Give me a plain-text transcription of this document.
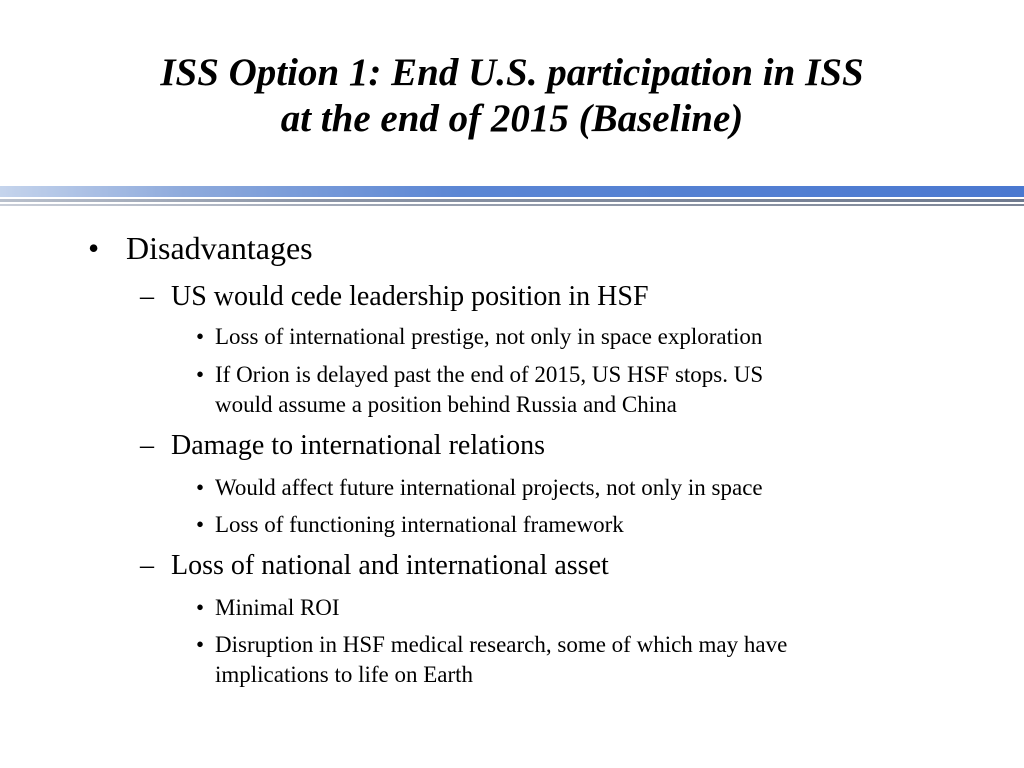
ISS Option 1: End U.S. participation in ISS
at the end of 2015 (Baseline)
• Disadvantages
– US would cede leadership position in HSF
• Loss of international prestige, not only in space exploration
• If Orion is delayed past the end of 2015, US HSF stops. US
would assume a position behind Russia and China
– Damage to international relations
• Would affect future international projects, not only in space
• Loss of functioning international framework
– Loss of national and international asset
• Minimal ROI
• Disruption in HSF medical research, some of which may have
implications to life on Earth
